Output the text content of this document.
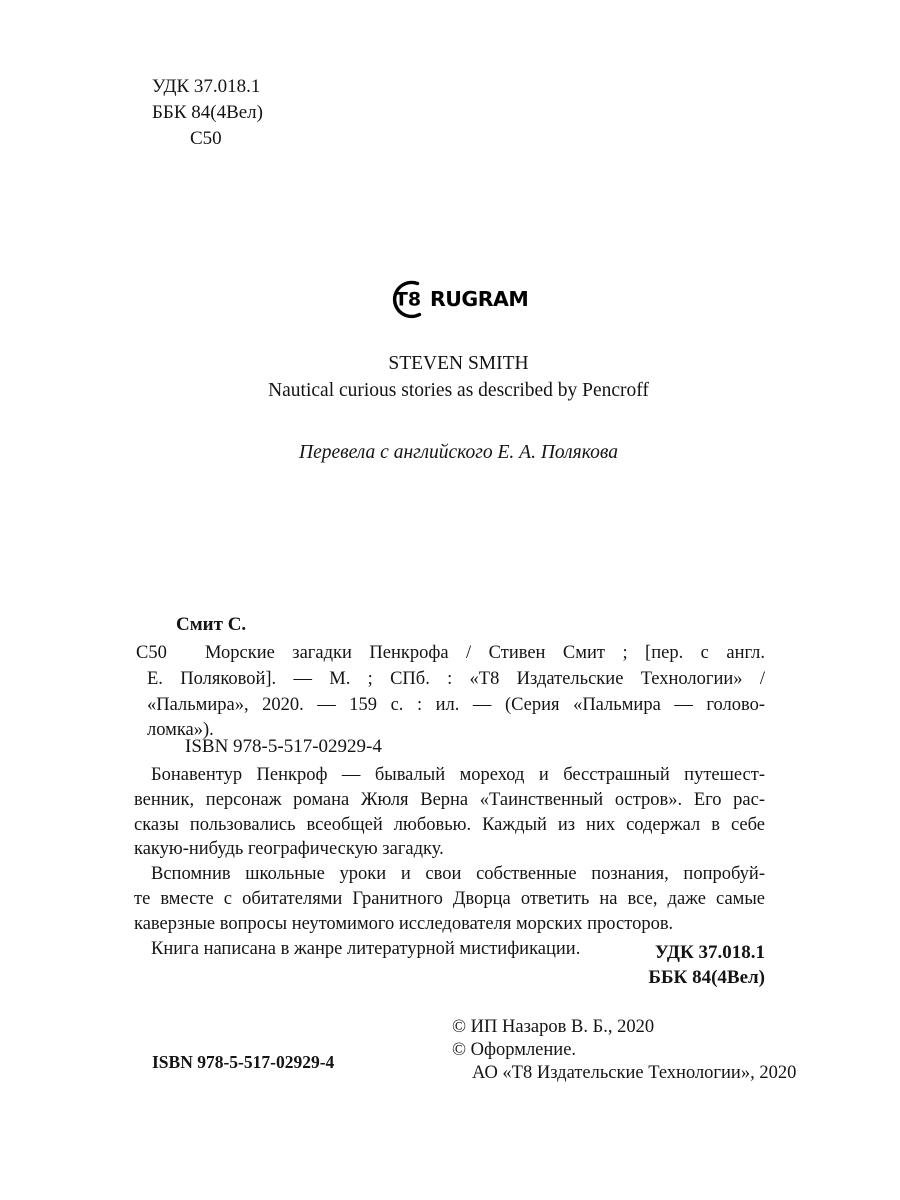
УДК 37.018.1
ББК 84(4Вел)
С50
T8 RUGRAM
STEVEN SMITH
Nautical curious stories as described by Pencroff
Перевела с английского Е. А. Полякова
Смит С.
С50	Морские загадки Пенкрофа / Стивен Смит ; [пер. с англ.
Е. Поляковой]. — М. ; СПб. : «Т8 Издательские Технологии» /
«Пальмира», 2020. — 159 с. : ил. — (Серия «Пальмира — голово-
ломка»).
ISBN 978-5-517-02929-4
Бонавентур Пенкроф — бывалый мореход и бесстрашный путешест-
венник, персонаж романа Жюля Верна «Таинственный остров». Его рас-
сказы пользовались всеобщей любовью. Каждый из них содержал в себе
какую-нибудь географическую загадку.
Вспомнив школьные уроки и свои собственные познания, попробуй-
те вместе с обитателями Гранитного Дворца ответить на все, даже самые
каверзные вопросы неутомимого исследователя морских просторов.
Книга написана в жанре литературной мистификации.	УДК 37.018.1
ББК 84(4Вел)
© ИП Назаров В. Б., 2020
© Оформление.
АО «Т8 Издательские Технологии», 2020
ISBN 978-5-517-02929-4
